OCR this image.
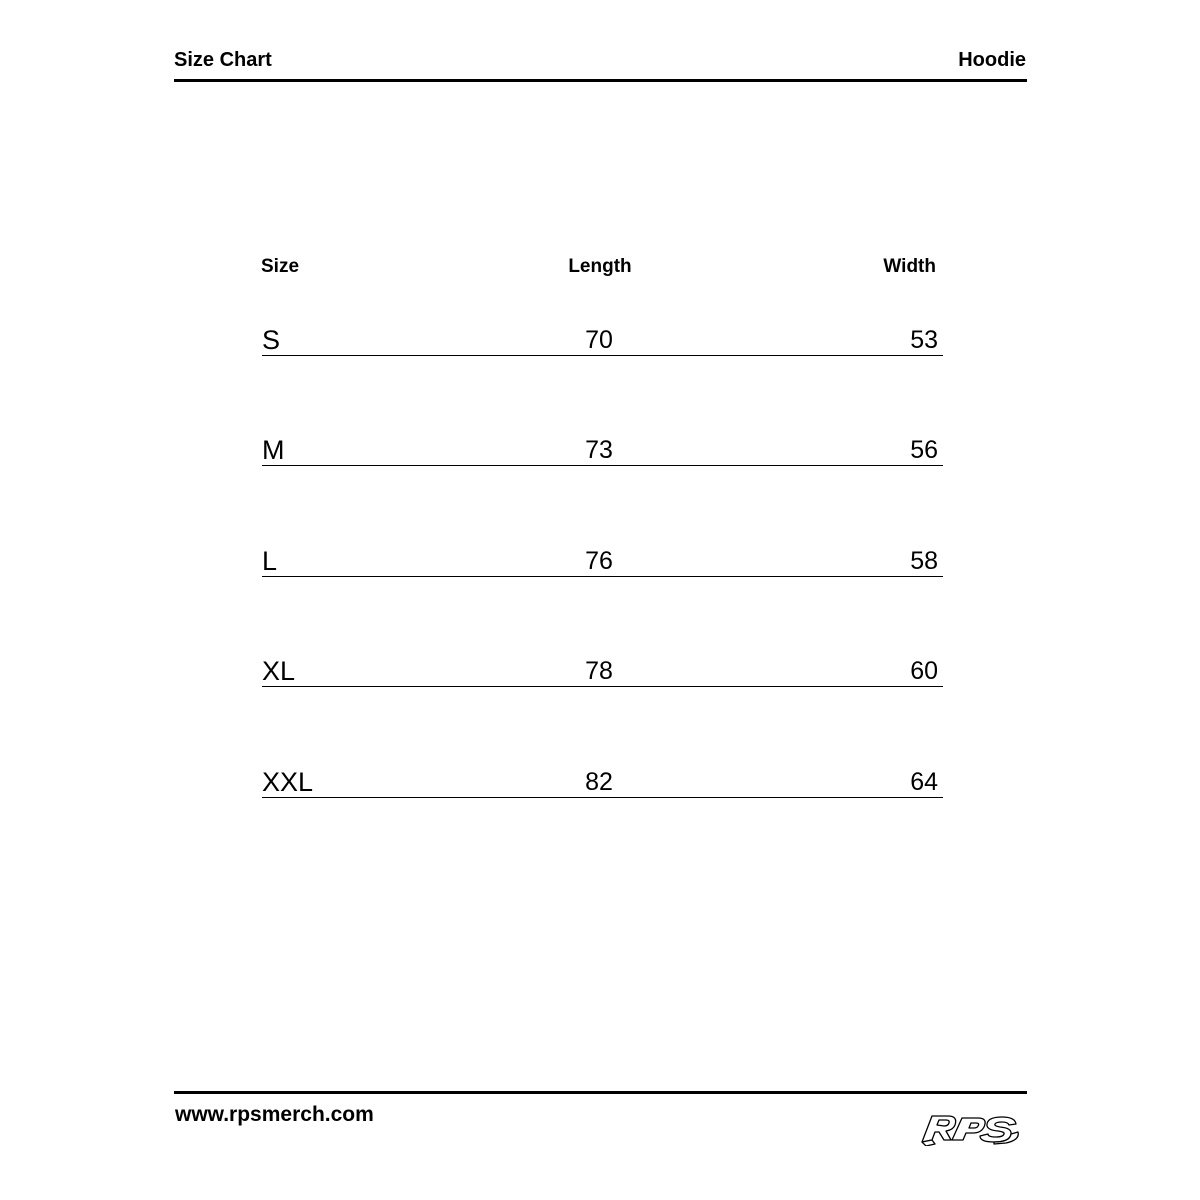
Size Chart	Hoodie
Size	Length	Width
S	70	53
M	73	56
L	76	58
XL	78	60
XXL	82	64
www.rpsmerch.com
